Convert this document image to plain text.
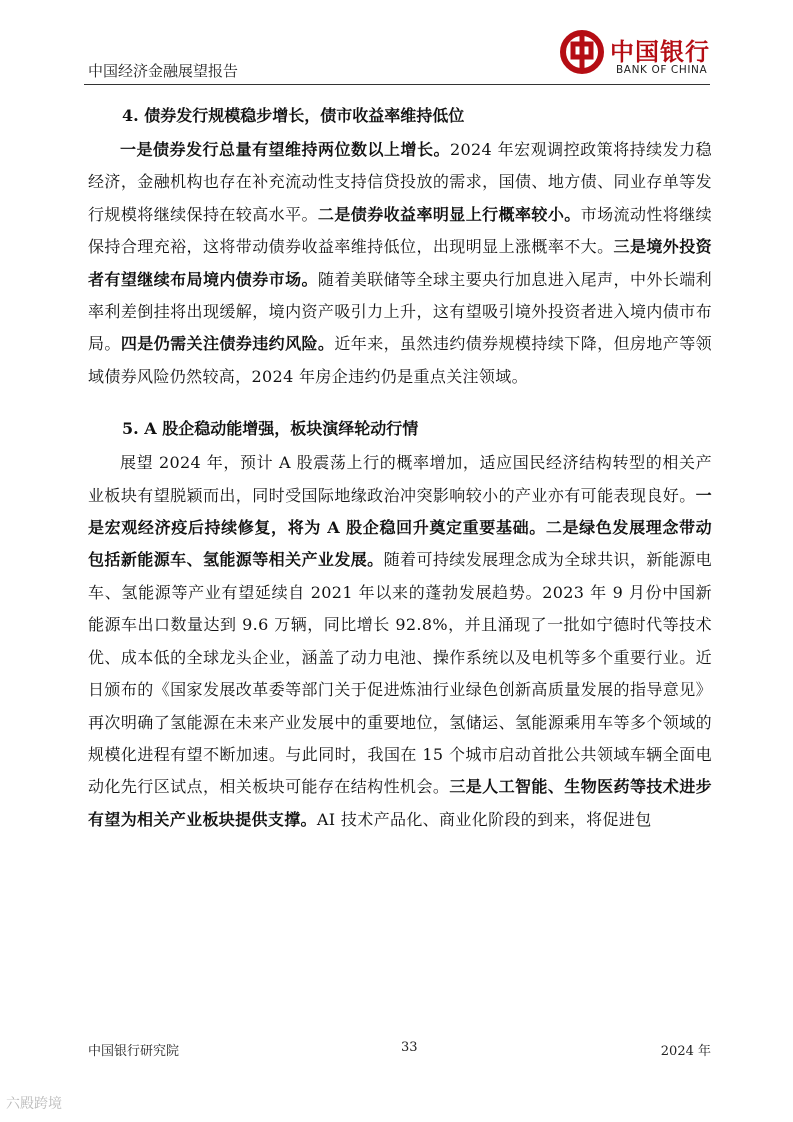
中国经济金融展望报告
中国银行
BANK OF CHINA
4. 债券发行规模稳步增长，债市收益率维持低位

一是债券发行总量有望维持两位数以上增长。2024 年宏观调控政策将持续发力稳经济，金融机构也存在补充流动性支持信贷投放的需求，国债、地方债、同业存单等发行规模将继续保持在较高水平。二是债券收益率明显上行概率较小。市场流动性将继续保持合理充裕，这将带动债券收益率维持低位，出现明显上涨概率不大。三是境外投资者有望继续布局境内债券市场。随着美联储等全球主要央行加息进入尾声，中外长端利率利差倒挂将出现缓解，境内资产吸引力上升，这有望吸引境外投资者进入境内债市布局。四是仍需关注债券违约风险。近年来，虽然违约债券规模持续下降，但房地产等领域债券风险仍然较高，2024 年房企违约仍是重点关注领域。

5. A 股企稳动能增强，板块演绎轮动行情

展望 2024 年，预计 A 股震荡上行的概率增加，适应国民经济结构转型的相关产业板块有望脱颖而出，同时受国际地缘政治冲突影响较小的产业亦有可能表现良好。一是宏观经济疫后持续修复，将为 A 股企稳回升奠定重要基础。二是绿色发展理念带动包括新能源车、氢能源等相关产业发展。随着可持续发展理念成为全球共识，新能源电车、氢能源等产业有望延续自 2021 年以来的蓬勃发展趋势。2023 年 9 月份中国新能源车出口数量达到 9.6 万辆，同比增长 92.8%，并且涌现了一批如宁德时代等技术优、成本低的全球龙头企业，涵盖了动力电池、操作系统以及电机等多个重要行业。近日颁布的《国家发展改革委等部门关于促进炼油行业绿色创新高质量发展的指导意见》再次明确了氢能源在未来产业发展中的重要地位，氢储运、氢能源乘用车等多个领域的规模化进程有望不断加速。与此同时，我国在 15 个城市启动首批公共领域车辆全面电动化先行区试点，相关板块可能存在结构性机会。三是人工智能、生物医药等技术进步有望为相关产业板块提供支撑。AI 技术产品化、商业化阶段的到来，将促进包

中国银行研究院	33	2024 年
六殿跨境
